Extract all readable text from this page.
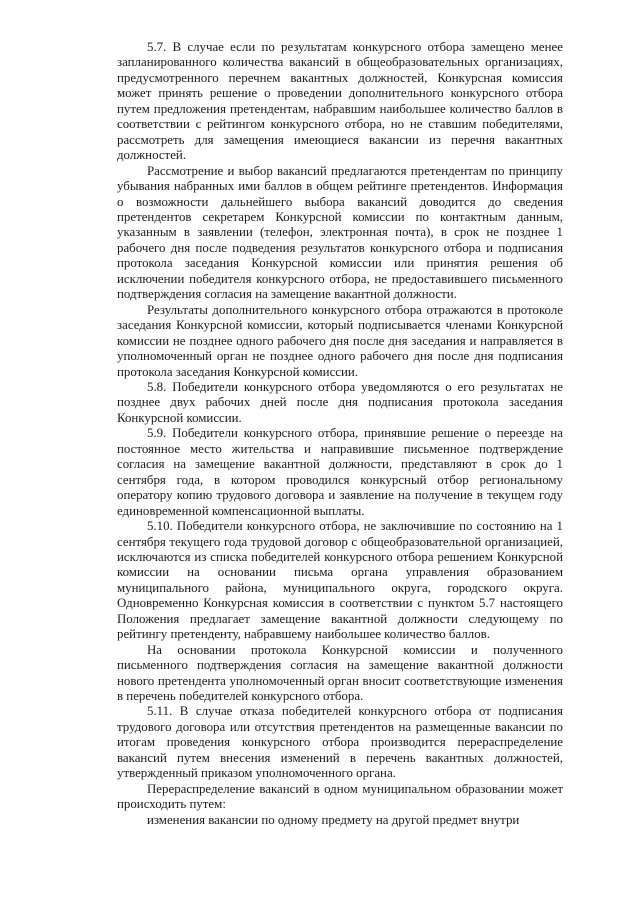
5.7. В случае если по результатам конкурсного отбора замещено менее запланированного количества вакансий в общеобразовательных организациях, предусмотренного перечнем вакантных должностей, Конкурсная комиссия может принять решение о проведении дополнительного конкурсного отбора путем предложения претендентам, набравшим наибольшее количество баллов в соответствии с рейтингом конкурсного отбора, но не ставшим победителями, рассмотреть для замещения имеющиеся вакансии из перечня вакантных должностей.

Рассмотрение и выбор вакансий предлагаются претендентам по принципу убывания набранных ими баллов в общем рейтинге претендентов. Информация о возможности дальнейшего выбора вакансий доводится до сведения претендентов секретарем Конкурсной комиссии по контактным данным, указанным в заявлении (телефон, электронная почта), в срок не позднее 1 рабочего дня после подведения результатов конкурсного отбора и подписания протокола заседания Конкурсной комиссии или принятия решения об исключении победителя конкурсного отбора, не предоставившего письменного подтверждения согласия на замещение вакантной должности.

Результаты дополнительного конкурсного отбора отражаются в протоколе заседания Конкурсной комиссии, который подписывается членами Конкурсной комиссии не позднее одного рабочего дня после дня заседания и направляется в уполномоченный орган не позднее одного рабочего дня после дня подписания протокола заседания Конкурсной комиссии.

5.8. Победители конкурсного отбора уведомляются о его результатах не позднее двух рабочих дней после дня подписания протокола заседания Конкурсной комиссии.

5.9. Победители конкурсного отбора, принявшие решение о переезде на постоянное место жительства и направившие письменное подтверждение согласия на замещение вакантной должности, представляют в срок до 1 сентября года, в котором проводился конкурсный отбор региональному оператору копию трудового договора и заявление на получение в текущем году единовременной компенсационной выплаты.

5.10. Победители конкурсного отбора, не заключившие по состоянию на 1 сентября текущего года трудовой договор с общеобразовательной организацией, исключаются из списка победителей конкурсного отбора решением Конкурсной комиссии на основании письма органа управления образованием муниципального района, муниципального округа, городского округа. Одновременно Конкурсная комиссия в соответствии с пунктом 5.7 настоящего Положения предлагает замещение вакантной должности следующему по рейтингу претенденту, набравшему наибольшее количество баллов.

На основании протокола Конкурсной комиссии и полученного письменного подтверждения согласия на замещение вакантной должности нового претендента уполномоченный орган вносит соответствующие изменения в перечень победителей конкурсного отбора.

5.11. В случае отказа победителей конкурсного отбора от подписания трудового договора или отсутствия претендентов на размещенные вакансии по итогам проведения конкурсного отбора производится перераспределение вакансий путем внесения изменений в перечень вакантных должностей, утвержденный приказом уполномоченного органа.

Перераспределение вакансий в одном муниципальном образовании может происходить путем:

изменения вакансии по одному предмету на другой предмет внутри
